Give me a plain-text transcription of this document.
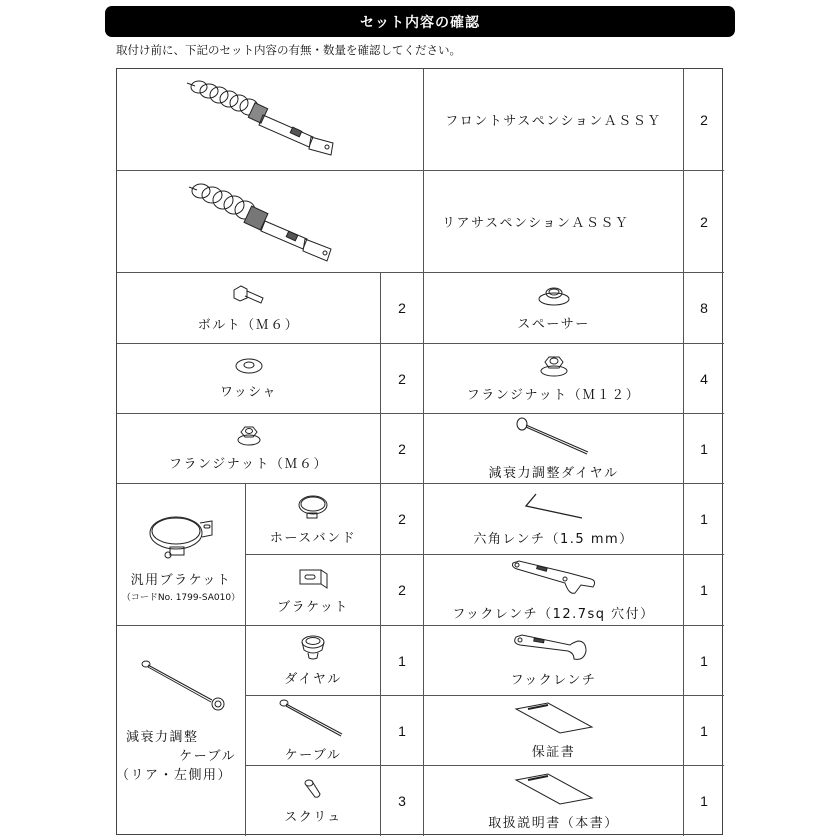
セット内容の確認
取付け前に、下記のセット内容の有無・数量を確認してください。
フロントサスペンションＡＳＳＹ	2
リアサスペンションＡＳＳＹ	2
ボルト（Ｍ６）
2
スペーサー
8
ワッシャ
2
フランジナット（Ｍ１２）
4
フランジナット（Ｍ６）
2
減衰力調整ダイヤル
1
汎用ブラケット
（コードNo. 1799-SA010）
ホースバンド
2
六角レンチ（1.5 mm）
1
ブラケット
2
フックレンチ（12.7sq 穴付）
1
減衰力調整
ケーブル
（リア・左側用）
ダイヤル
1
フックレンチ
1
ケーブル
1
保証書
1
スクリュ
3
取扱説明書（本書）
1
